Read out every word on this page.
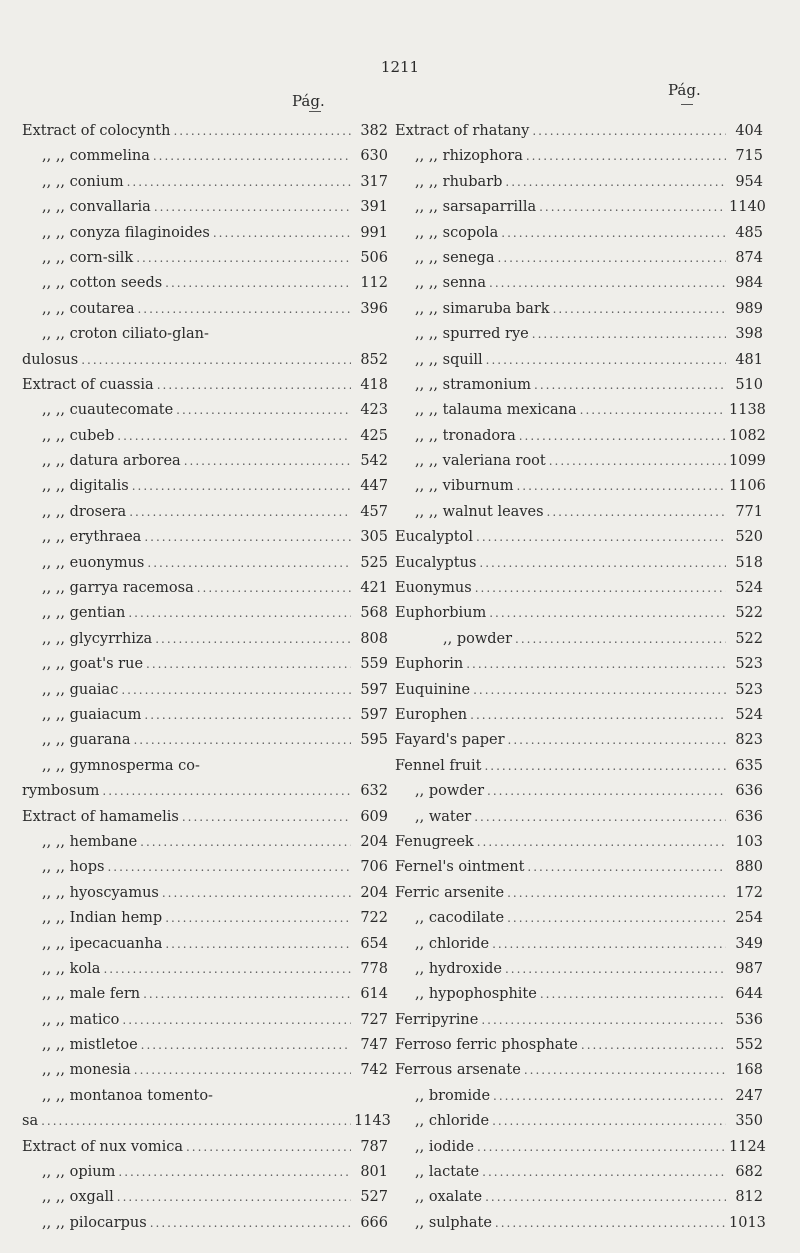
1211
Pág.
Pág.
Extract of colocynth .....	382
,, ,, commelina .....	630
,, ,, conium .....	317
,, ,, convallaria .....	391
,, ,, conyza filaginoides .....	991
,, ,, corn-silk .....	506
,, ,, cotton seeds .....	112
,, ,, coutarea .....	396
,, ,, croton ciliato-glan-
dulosus .....	852
Extract of cuassia .....	418
,, ,, cuautecomate .....	423
,, ,, cubeb .....	425
,, ,, datura arborea .....	542
,, ,, digitalis .....	447
,, ,, drosera .....	457
,, ,, erythraea .....	305
,, ,, euonymus .....	525
,, ,, garrya racemosa .....	421
,, ,, gentian .....	568
,, ,, glycyrrhiza .....	808
,, ,, goat's rue .....	559
,, ,, guaiac .....	597
,, ,, guaiacum .....	597
,, ,, guarana .....	595
,, ,, gymnosperma co-
rymbosum .....	632
Extract of hamamelis .....	609
,, ,, hembane .....	204
,, ,, hops .....	706
,, ,, hyoscyamus .....	204
,, ,, Indian hemp .....	722
,, ,, ipecacuanha .....	654
,, ,, kola .....	778
,, ,, male fern .....	614
,, ,, matico .....	727
,, ,, mistletoe .....	747
,, ,, monesia .....	742
,, ,, montanoa tomento-
sa .....	1143
Extract of nux vomica .....	787
,, ,, opium .....	801
,, ,, oxgall .....	527
,, ,, pilocarpus .....	666
Extract of rhatany .....	404
,, ,, rhizophora .....	715
,, ,, rhubarb .....	954
,, ,, sarsaparrilla .....	1140
,, ,, scopola .....	485
,, ,, senega .....	874
,, ,, senna .....	984
,, ,, simaruba bark .....	989
,, ,, spurred rye .....	398
,, ,, squill .....	481
,, ,, stramonium .....	510
,, ,, talauma mexicana .....	1138
,, ,, tronadora .....	1082
,, ,, valeriana root .....	1099
,, ,, viburnum .....	1106
,, ,, walnut leaves .....	771
Eucalyptol .....	520
Eucalyptus .....	518
Euonymus .....	524
Euphorbium .....	522
,, powder .....	522
Euphorin .....	523
Euquinine .....	523
Europhen .....	524
Fayard's paper .....	823
Fennel fruit .....	635
,, powder .....	636
,, water .....	636
Fenugreek .....	103
Fernel's ointment .....	880
Ferric arsenite .....	172
,, cacodilate .....	254
,, chloride .....	349
,, hydroxide .....	987
,, hypophosphite .....	644
Ferripyrine .....	536
Ferroso ferric phosphate .....	552
Ferrous arsenate .....	168
,, bromide .....	247
,, chloride .....	350
,, iodide .....	1124
,, lactate .....	682
,, oxalate .....	812
,, sulphate .....	1013
